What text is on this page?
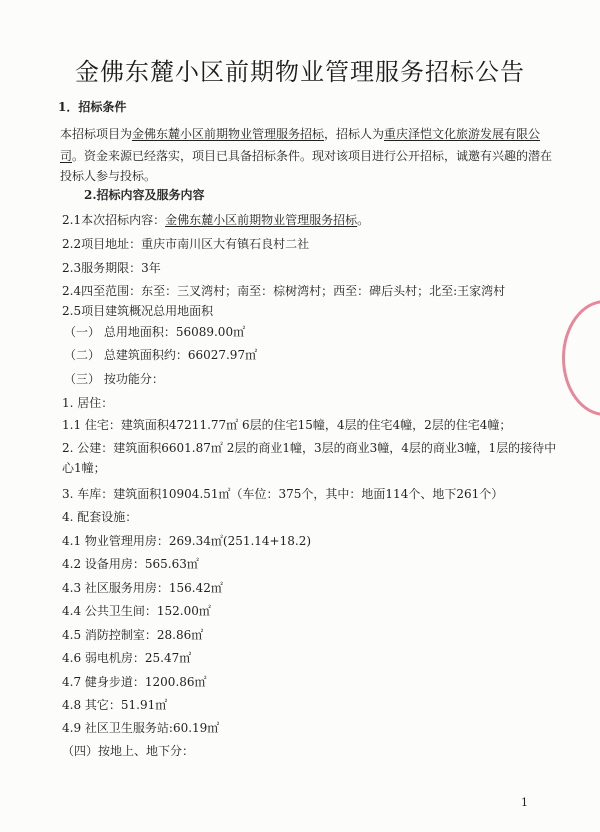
金佛东麓小区前期物业管理服务招标公告
1．招标条件
本招标项目为金佛东麓小区前期物业管理服务招标，招标人为重庆泽恺文化旅游发展有限公
司。资金来源已经落实，项目已具备招标条件。现对该项目进行公开招标，诚邀有兴趣的潜在
投标人参与投标。
2.招标内容及服务内容
2.1本次招标内容：金佛东麓小区前期物业管理服务招标。
2.2项目地址：重庆市南川区大有镇石良村二社
2.3服务期限：3年
2.4四至范围：东至：三叉湾村；南至：棕树湾村；西至：碑后头村；北至:王家湾村
2.5项目建筑概况总用地面积
（一） 总用地面积：56089.00㎡
（二） 总建筑面积约：66027.97㎡
（三） 按功能分：
1. 居住：
1.1 住宅：建筑面积47211.77㎡ 6层的住宅15幢，4层的住宅4幢，2层的住宅4幢；
2. 公建：建筑面积6601.87㎡ 2层的商业1幢，3层的商业3幢，4层的商业3幢，1层的接待中
心1幢；
3. 车库：建筑面积10904.51㎡（车位：375个，其中：地面114个、地下261个）
4. 配套设施：
4.1 物业管理用房：269.34㎡(251.14+18.2)
4.2 设备用房：565.63㎡
4.3 社区服务用房：156.42㎡
4.4 公共卫生间：152.00㎡
4.5 消防控制室：28.86㎡
4.6 弱电机房：25.47㎡
4.7 健身步道：1200.86㎡
4.8 其它：51.91㎡
4.9 社区卫生服务站:60.19㎡
（四）按地上、地下分：
1
